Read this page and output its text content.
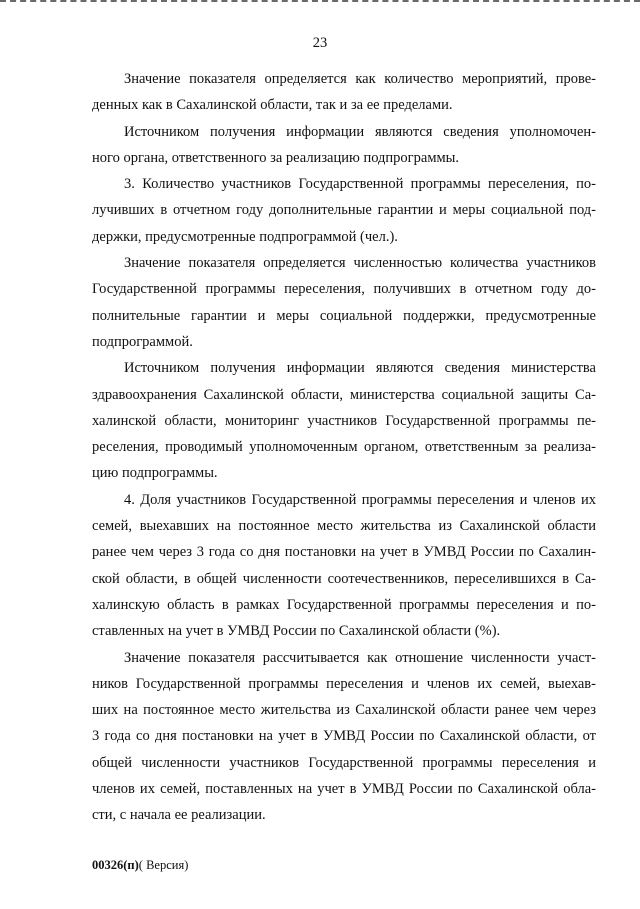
23

Значение показателя определяется как количество мероприятий, прове-
денных как в Сахалинской области, так и за ее пределами.

Источником получения информации являются сведения уполномочен-
ного органа, ответственного за реализацию подпрограммы.

3. Количество участников Государственной программы переселения, по-
лучивших в отчетном году дополнительные гарантии и меры социальной под-
держки, предусмотренные подпрограммой (чел.).

Значение показателя определяется численностью количества участников
Государственной программы переселения, получивших в отчетном году до-
полнительные гарантии и меры социальной поддержки, предусмотренные
подпрограммой.

Источником получения информации являются сведения министерства
здравоохранения Сахалинской области, министерства социальной защиты Са-
халинской области, мониторинг участников Государственной программы пе-
реселения, проводимый уполномоченным органом, ответственным за реализа-
цию подпрограммы.

4. Доля участников Государственной программы переселения и членов их
семей, выехавших на постоянное место жительства из Сахалинской области
ранее чем через 3 года со дня постановки на учет в УМВД России по Сахалин-
ской области, в общей численности соотечественников, переселившихся в Са-
халинскую область в рамках Государственной программы переселения и по-
ставленных на учет в УМВД России по Сахалинской области (%).

Значение показателя рассчитывается как отношение численности участ-
ников Государственной программы переселения и членов их семей, выехав-
ших на постоянное место жительства из Сахалинской области ранее чем через
3 года со дня постановки на учет в УМВД России по Сахалинской области, от
общей численности участников Государственной программы переселения и
членов их семей, поставленных на учет в УМВД России по Сахалинской обла-
сти, с начала ее реализации.

00326(п)( Версия)
